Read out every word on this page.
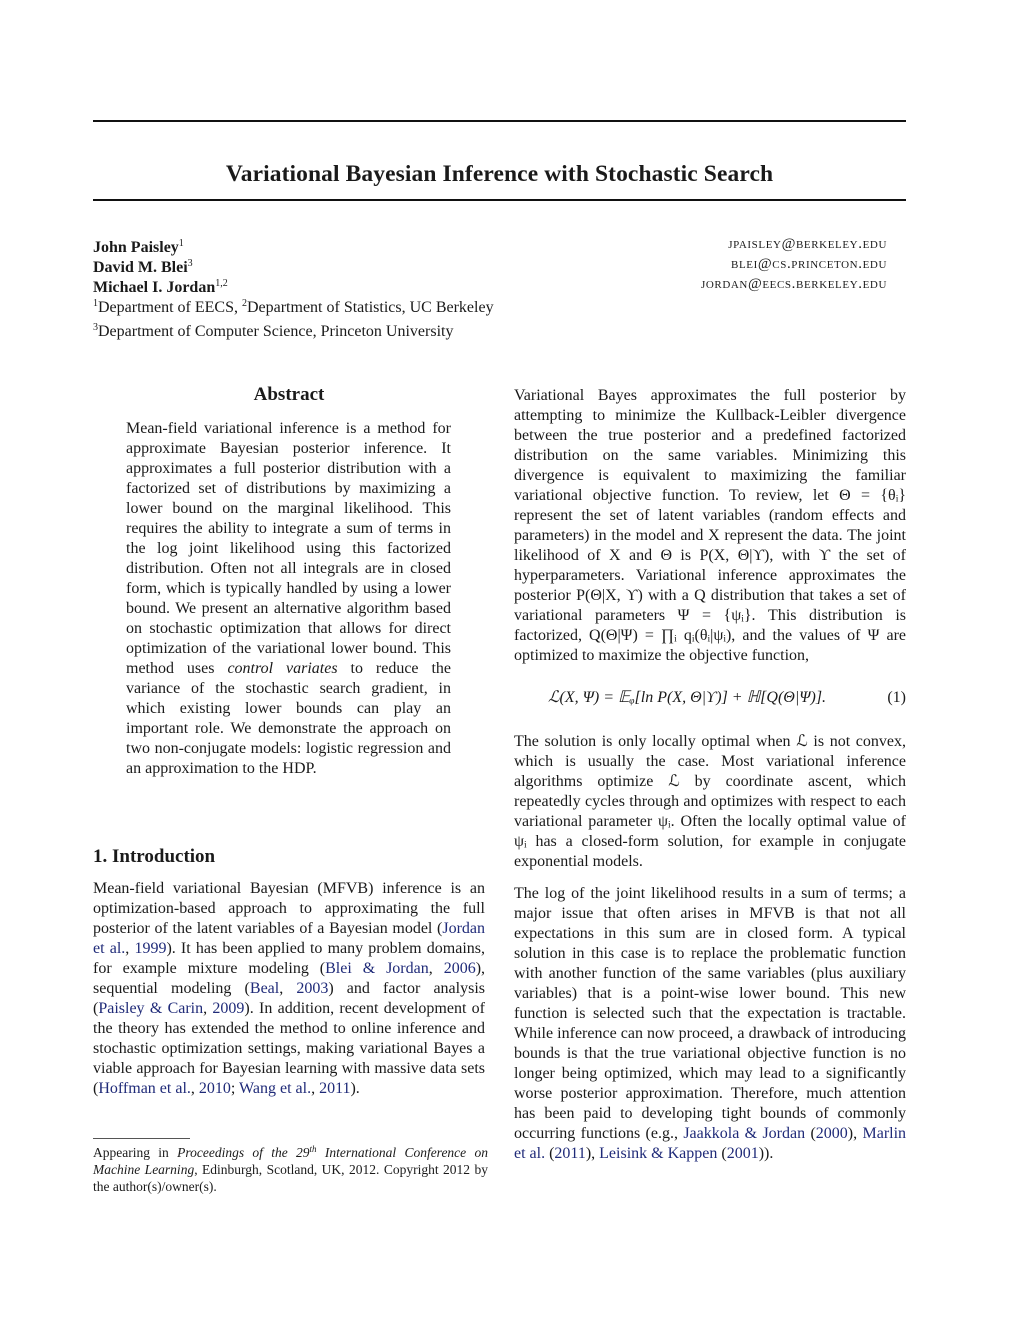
Variational Bayesian Inference with Stochastic Search
John Paisley$^1$	jpaisley@berkeley.edu
David M. Blei$^3$	blei@cs.princeton.edu
Michael I. Jordan$^{1,2}$	jordan@eecs.berkeley.edu
$^1$Department of EECS, $^2$Department of Statistics, UC Berkeley
$^3$Department of Computer Science, Princeton University
Abstract

Mean-field variational inference is a method for approximate Bayesian posterior inference. It approximates a full posterior distribution with a factorized set of distributions by maximizing a lower bound on the marginal likelihood. This requires the ability to integrate a sum of terms in the log joint likelihood using this factorized distribution. Often not all integrals are in closed form, which is typically handled by using a lower bound. We present an alternative algorithm based on stochastic optimization that allows for direct optimization of the variational lower bound. This method uses control variates to reduce the variance of the stochastic search gradient, in which existing lower bounds can play an important role. We demonstrate the approach on two non-conjugate models: logistic regression and an approximation to the HDP.

1. Introduction

Mean-field variational Bayesian (MFVB) inference is an optimization-based approach to approximating the full posterior of the latent variables of a Bayesian model (Jordan et al., 1999). It has been applied to many problem domains, for example mixture modeling (Blei & Jordan, 2006), sequential modeling (Beal, 2003) and factor analysis (Paisley & Carin, 2009). In addition, recent development of the theory has extended the method to online inference and stochastic optimization settings, making variational Bayes a viable approach for Bayesian learning with massive data sets (Hoffman et al., 2010; Wang et al., 2011).

Appearing in Proceedings of the 29th International Conference on Machine Learning, Edinburgh, Scotland, UK, 2012. Copyright 2012 by the author(s)/owner(s).

Variational Bayes approximates the full posterior by attempting to minimize the Kullback-Leibler divergence between the true posterior and a predefined factorized distribution on the same variables. Minimizing this divergence is equivalent to maximizing the familiar variational objective function. To review, let Θ = {θᵢ} represent the set of latent variables (random effects and parameters) in the model and X represent the data. The joint likelihood of X and Θ is P(X, Θ|ϒ), with ϒ the set of hyperparameters. Variational inference approximates the posterior P(Θ|X, ϒ) with a Q distribution that takes a set of variational parameters Ψ = {ψᵢ}. This distribution is factorized, Q(Θ|Ψ) = ∏ᵢ qᵢ(θᵢ|ψᵢ), and the values of Ψ are optimized to maximize the objective function,

ℒ(X, Ψ) = 𝔼ᵩ[ln P(X, Θ|ϒ)] + ℍ[Q(Θ|Ψ)].	(1)

The solution is only locally optimal when ℒ is not convex, which is usually the case. Most variational inference algorithms optimize ℒ by coordinate ascent, which repeatedly cycles through and optimizes with respect to each variational parameter ψᵢ. Often the locally optimal value of ψᵢ has a closed-form solution, for example in conjugate exponential models.

The log of the joint likelihood results in a sum of terms; a major issue that often arises in MFVB is that not all expectations in this sum are in closed form. A typical solution in this case is to replace the problematic function with another function of the same variables (plus auxiliary variables) that is a point-wise lower bound. This new function is selected such that the expectation is tractable. While inference can now proceed, a drawback of introducing bounds is that the true variational objective function is no longer being optimized, which may lead to a significantly worse posterior approximation. Therefore, much attention has been paid to developing tight bounds of commonly occurring functions (e.g., Jaakkola & Jordan (2000), Marlin et al. (2011), Leisink & Kappen (2001)).
